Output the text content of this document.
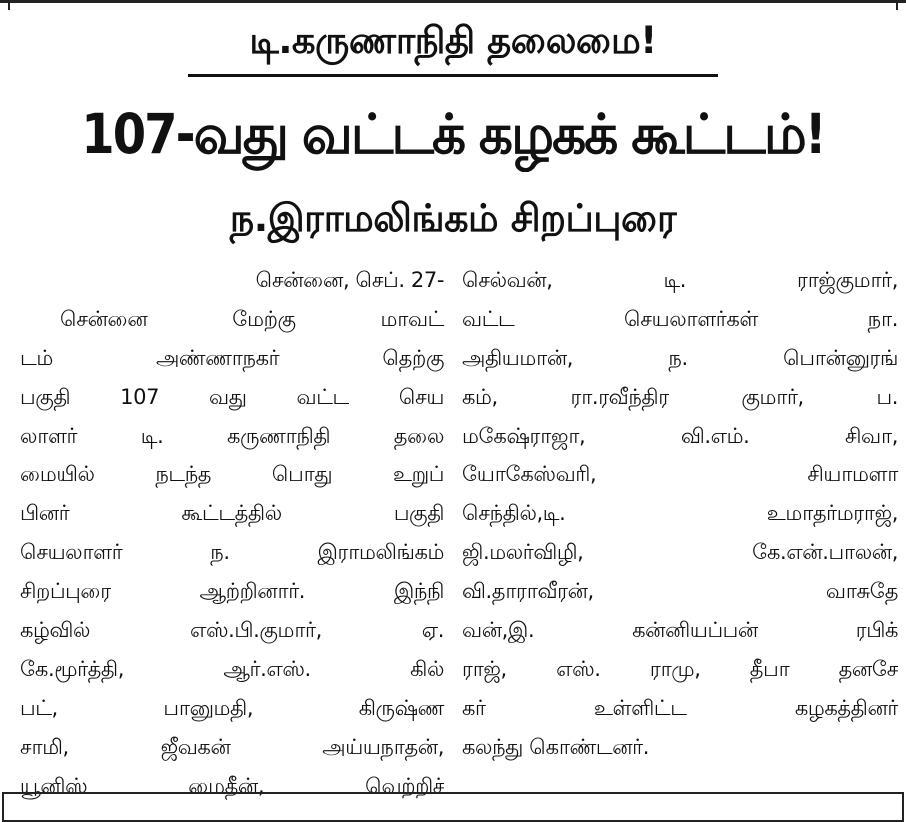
டி.கருணாநிதி தலைமை!
107-வது வட்டக் கழகக் கூட்டம்!
ந.இராமலிங்கம் சிறப்புரை
சென்னை, செப். 27-
சென்னை மேற்கு மாவட்
டம் அண்ணாநகர் தெற்கு
பகுதி 107 வது வட்ட செய
லாளர் டி. கருணாநிதி தலை
மையில் நடந்த பொது உறுப்
பினர் கூட்டத்தில் பகுதி
செயலாளர் ந. இராமலிங்கம்
சிறப்புரை ஆற்றினார். இந்நி
கழ்வில் எஸ்.பி.குமார், ஏ.
கே.மூர்த்தி, ஆர்.எஸ். கில்
பட், பானுமதி, கிருஷ்ண
சாமி, ஜீவகன் அய்யநாதன்,
யூனிஸ் மைதீன், வெற்றிச்
செல்வன், டி. ராஜ்குமார்,
வட்ட செயலாளர்கள் நா.
அதியமான், ந. பொன்னுரங்
கம், ரா.ரவீந்திர குமார், ப.
மகேஷ்ராஜா, வி.எம். சிவா,
யோகேஸ்வரி, சியாமளா
செந்தில்,டி. உமாதர்மராஜ்,
ஜி.மலர்விழி, கே.என்.பாலன்,
வி.தாராவீரன், வாசுதே
வன்,இ. கன்னியப்பன் ரபிக்
ராஜ், எஸ். ராமு, தீபா தனசே
கர் உள்ளிட்ட கழகத்தினர்
கலந்து கொண்டனர்.
